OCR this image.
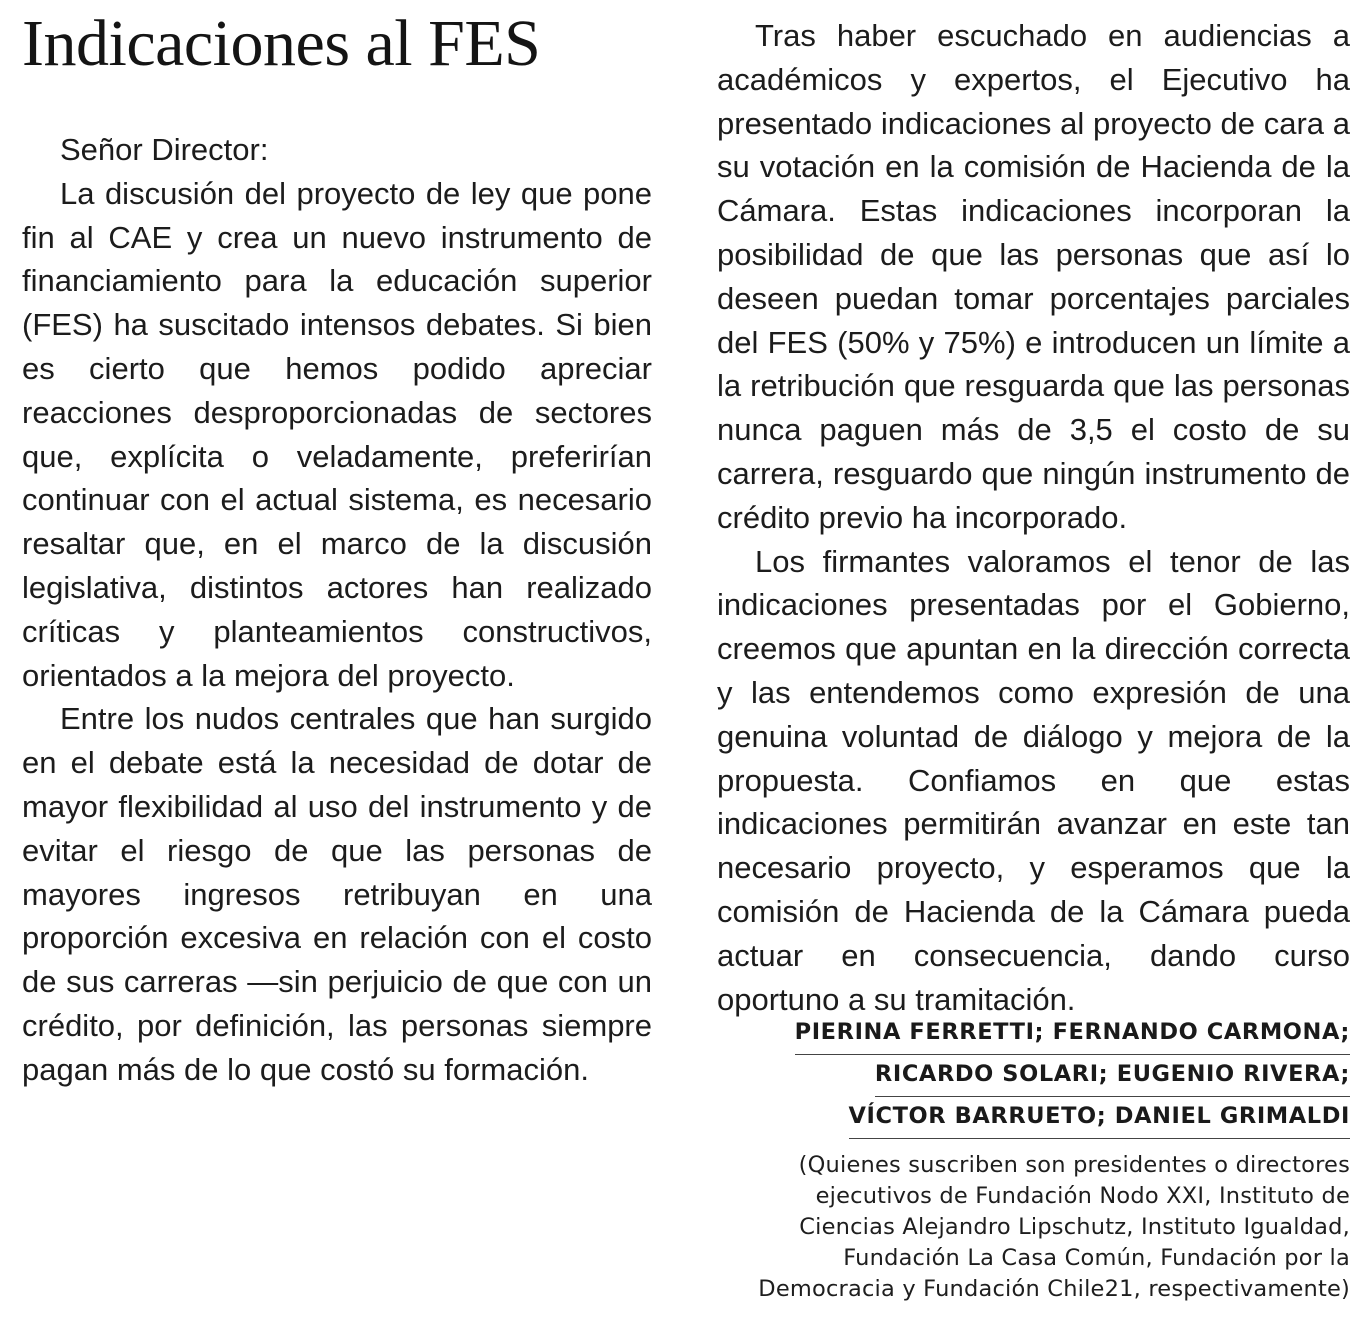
Indicaciones al FES

Señor Director:

La discusión del proyecto de ley que pone fin al CAE y crea un nuevo instrumento de financiamiento para la educación superior (FES) ha suscitado intensos debates. Si bien es cierto que hemos podido apreciar reacciones desproporcionadas de sectores que, explícita o veladamente, preferirían continuar con el actual sistema, es necesario resaltar que, en el marco de la discusión legislativa, distintos actores han realizado críticas y planteamientos constructivos, orientados a la mejora del proyecto.

Entre los nudos centrales que han surgido en el debate está la necesidad de dotar de mayor flexibilidad al uso del instrumento y de evitar el riesgo de que las personas de mayores ingresos retribuyan en una proporción excesiva en relación con el costo de sus carreras —sin perjuicio de que con un crédito, por definición, las personas siempre pagan más de lo que costó su formación.

Tras haber escuchado en audiencias a académicos y expertos, el Ejecutivo ha presentado indicaciones al proyecto de cara a su votación en la comisión de Hacienda de la Cámara. Estas indicaciones incorporan la posibilidad de que las personas que así lo deseen puedan tomar porcentajes parciales del FES (50% y 75%) e introducen un límite a la retribución que resguarda que las personas nunca paguen más de 3,5 el costo de su carrera, resguardo que ningún instrumento de crédito previo ha incorporado.

Los firmantes valoramos el tenor de las indicaciones presentadas por el Gobierno, creemos que apuntan en la dirección correcta y las entendemos como expresión de una genuina voluntad de diálogo y mejora de la propuesta. Confiamos en que estas indicaciones permitirán avanzar en este tan necesario proyecto, y esperamos que la comisión de Hacienda de la Cámara pueda actuar en consecuencia, dando curso oportuno a su tramitación.

PIERINA FERRETTI; FERNANDO CARMONA;
RICARDO SOLARI; EUGENIO RIVERA;
VÍCTOR BARRUETO; DANIEL GRIMALDI
(Quienes suscriben son presidentes o directores
ejecutivos de Fundación Nodo XXI, Instituto de
Ciencias Alejandro Lipschutz, Instituto Igualdad,
Fundación La Casa Común, Fundación por la
Democracia y Fundación Chile21, respectivamente)
